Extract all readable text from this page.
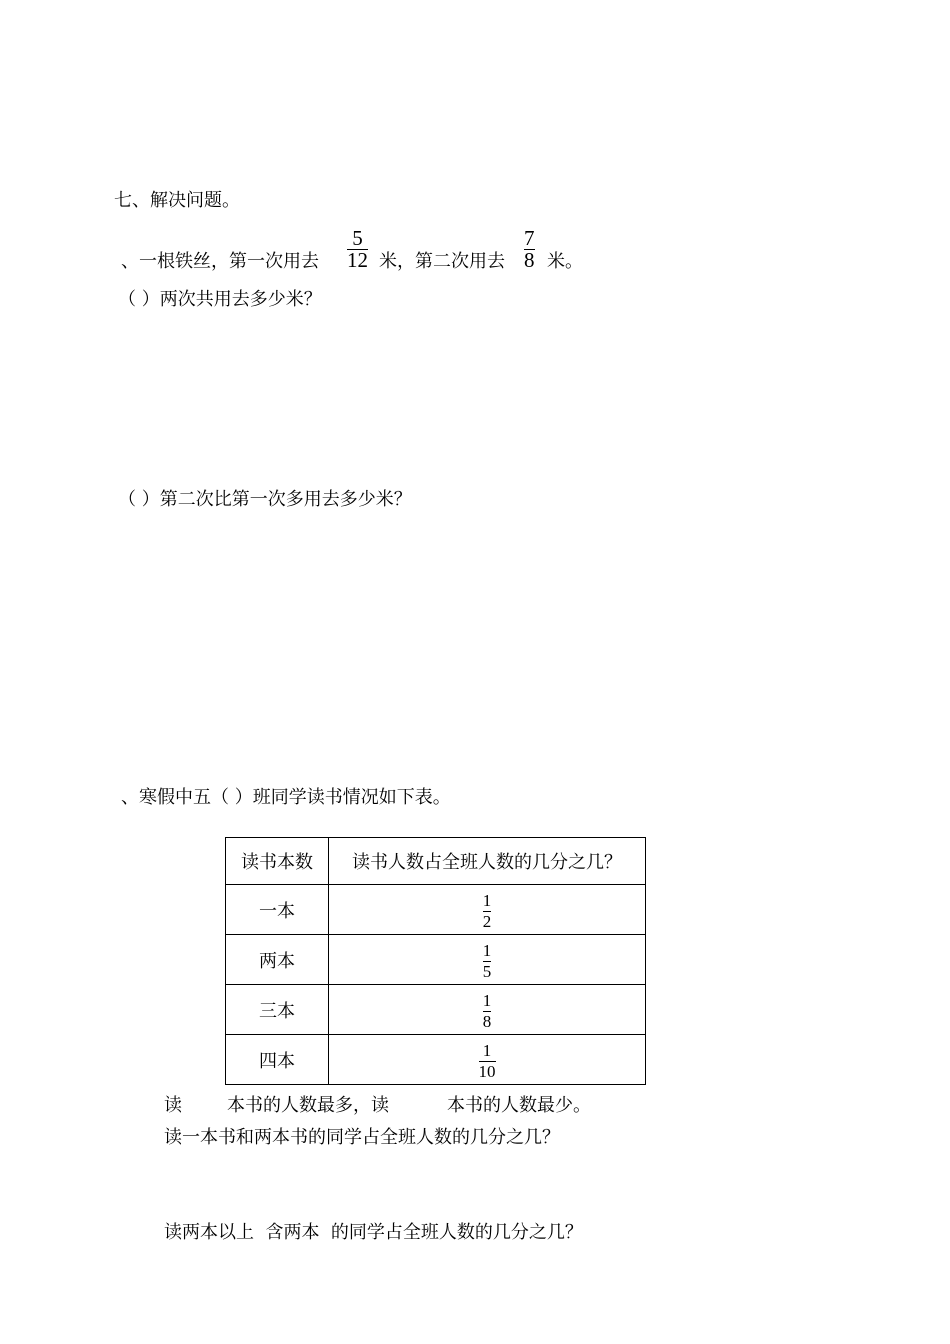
七、解决问题。
、一根铁丝，第一次用去
5
12 米，第二次用去
7
8 米。
（ ）两次共用去多少米？
（ ）第二次比第一次多用去多少米？
、寒假中五（ ）班同学读书情况如下表。
读书本数	读书人数占全班人数的几分之几？
一本	$\frac{1}{2}$

两本	$\frac{1}{5}$

三本	$\frac{1}{8}$

四本	$\frac{1}{10}$
读	本书的人数最多，读	本书的人数最少。
读一本书和两本书的同学占全班人数的几分之几？
读两本以上  含两本  的同学占全班人数的几分之几？
